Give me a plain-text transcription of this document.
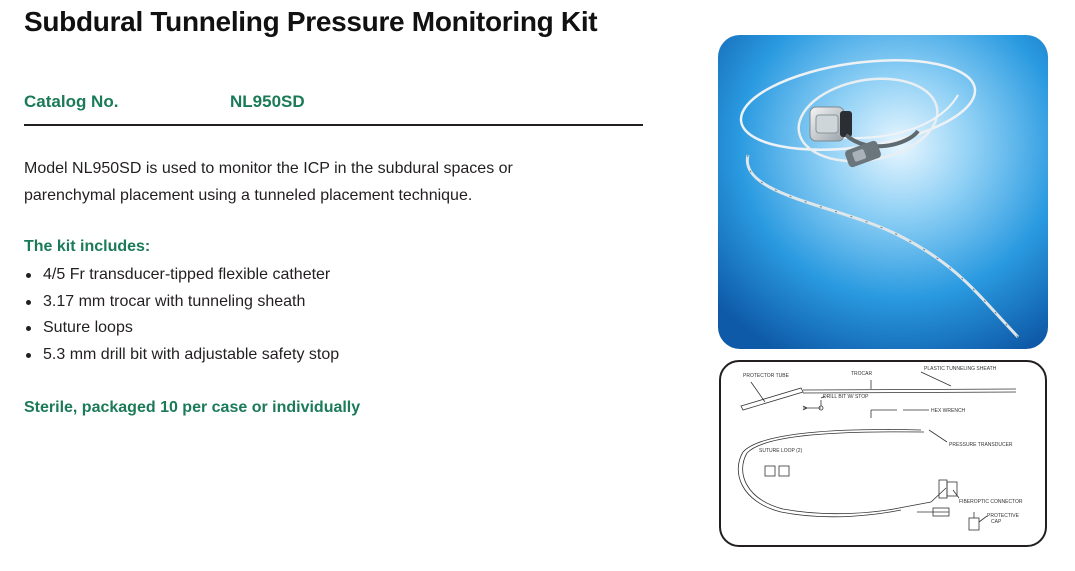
Subdural Tunneling Pressure Monitoring Kit
Catalog No.	NL950SD
Model NL950SD is used to monitor the ICP in the subdural spaces or
parenchymal placement using a tunneled placement technique.
The kit includes:
4/5 Fr transducer-tipped flexible catheter
3.17 mm trocar with tunneling sheath
Suture loops
5.3 mm drill bit with adjustable safety stop
Sterile, packaged 10 per case or individually
PROTECTOR TUBE	TROCAR
PLASTIC TUNNELING SHEATH
DRILL BIT W/ STOP
HEX WRENCH
PRESSURE TRANSDUCER
SUTURE LOOP (2)
FIBEROPTIC CONNECTOR
PROTECTIVE
CAP
